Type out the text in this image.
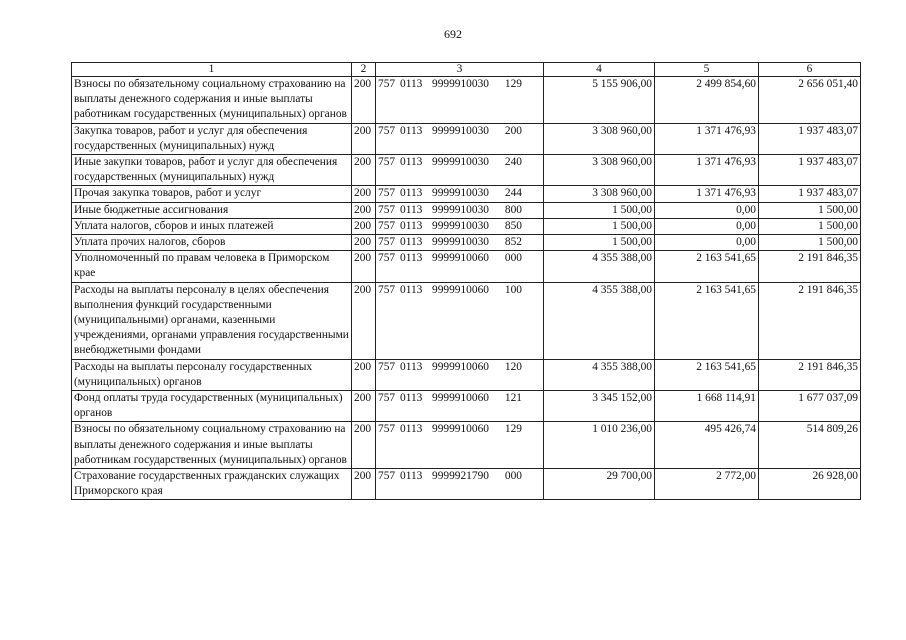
692
1	2	3	4	5	6
Взносы по обязательному социальному страхованию на выплаты денежного содержания и иные выплаты работникам государственных (муниципальных) органов	200	757 0113 9999910030 129	5 155 906,00	2 499 854,60	2 656 051,40
Закупка товаров, работ и услуг для обеспечения государственных (муниципальных) нужд	200	757 0113 9999910030 200	3 308 960,00	1 371 476,93	1 937 483,07
Иные закупки товаров, работ и услуг для обеспечения государственных (муниципальных) нужд	200	757 0113 9999910030 240	3 308 960,00	1 371 476,93	1 937 483,07
Прочая закупка товаров, работ и услуг	200	757 0113 9999910030 244	3 308 960,00	1 371 476,93	1 937 483,07
Иные бюджетные ассигнования	200	757 0113 9999910030 800	1 500,00	0,00	1 500,00
Уплата налогов, сборов и иных платежей	200	757 0113 9999910030 850	1 500,00	0,00	1 500,00
Уплата прочих налогов, сборов	200	757 0113 9999910030 852	1 500,00	0,00	1 500,00
Уполномоченный по правам человека в Приморском крае	200	757 0113 9999910060 000	4 355 388,00	2 163 541,65	2 191 846,35
Расходы на выплаты персоналу в целях обеспечения выполнения функций государственными (муниципальными) органами, казенными учреждениями, органами управления государственными внебюджетными фондами	200	757 0113 9999910060 100	4 355 388,00	2 163 541,65	2 191 846,35
Расходы на выплаты персоналу государственных (муниципальных) органов	200	757 0113 9999910060 120	4 355 388,00	2 163 541,65	2 191 846,35
Фонд оплаты труда государственных (муниципальных) органов	200	757 0113 9999910060 121	3 345 152,00	1 668 114,91	1 677 037,09
Взносы по обязательному социальному страхованию на выплаты денежного содержания и иные выплаты работникам государственных (муниципальных) органов	200	757 0113 9999910060 129	1 010 236,00	495 426,74	514 809,26
Страхование государственных гражданских служащих Приморского края	200	757 0113 9999921790 000	29 700,00	2 772,00	26 928,00
